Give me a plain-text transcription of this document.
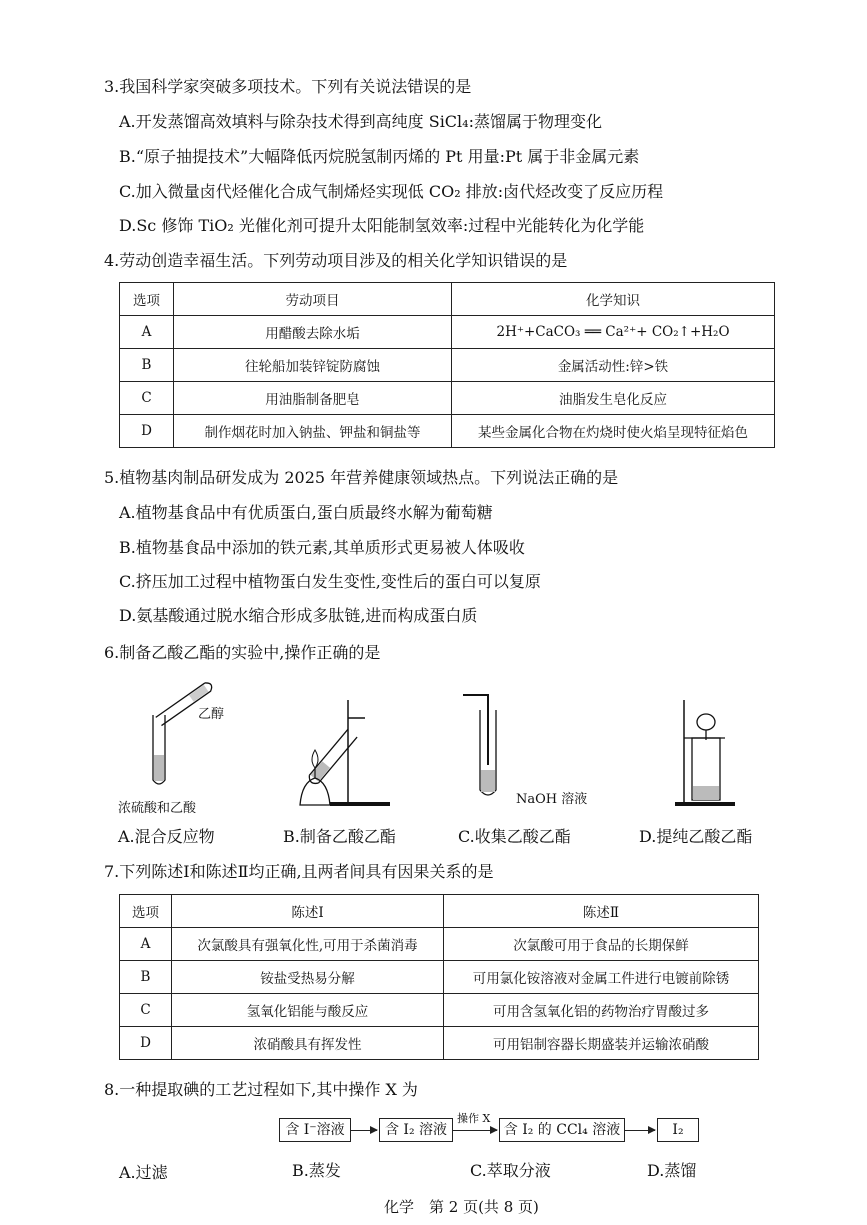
3.我国科学家突破多项技术。下列有关说法错误的是
A.开发蒸馏高效填料与除杂技术得到高纯度 SiCl₄:蒸馏属于物理变化
B.“原子抽提技术”大幅降低丙烷脱氢制丙烯的 Pt 用量:Pt 属于非金属元素
C.加入微量卤代烃催化合成气制烯烃实现低 CO₂ 排放:卤代烃改变了反应历程
D.Sc 修饰 TiO₂ 光催化剂可提升太阳能制氢效率:过程中光能转化为化学能
4.劳动创造幸福生活。下列劳动项目涉及的相关化学知识错误的是
选项	劳动项目	化学知识
A	用醋酸去除水垢	2H⁺+CaCO₃ ══ Ca²⁺+ CO₂↑+H₂O
B	往轮船加装锌锭防腐蚀	金属活动性:锌>铁
C	用油脂制备肥皂	油脂发生皂化反应
D	制作烟花时加入钠盐、钾盐和铜盐等	某些金属化合物在灼烧时使火焰呈现特征焰色
5.植物基肉制品研发成为 2025 年营养健康领域热点。下列说法正确的是
A.植物基食品中有优质蛋白,蛋白质最终水解为葡萄糖
B.植物基食品中添加的铁元素,其单质形式更易被人体吸收
C.挤压加工过程中植物蛋白发生变性,变性后的蛋白可以复原
D.氨基酸通过脱水缩合形成多肽链,进而构成蛋白质
6.制备乙酸乙酯的实验中,操作正确的是
乙醇
浓硫酸和乙酸
NaOH 溶液
A.混合反应物	B.制备乙酸乙酯	C.收集乙酸乙酯	D.提纯乙酸乙酯
7.下列陈述Ⅰ和陈述Ⅱ均正确,且两者间具有因果关系的是
选项	陈述Ⅰ	陈述Ⅱ
A	次氯酸具有强氧化性,可用于杀菌消毒	次氯酸可用于食品的长期保鲜
B	铵盐受热易分解	可用氯化铵溶液对金属工件进行电镀前除锈
C	氢氧化铝能与酸反应	可用含氢氧化铝的药物治疗胃酸过多
D	浓硝酸具有挥发性	可用铝制容器长期盛装并运输浓硝酸
8.一种提取碘的工艺过程如下,其中操作 X 为
含 I⁻溶液	含 I₂ 溶液
操作 X
含 I₂ 的 CCl₄ 溶液	I₂
A.过滤	B.蒸发	C.萃取分液	D.蒸馏
化学　第 2 页(共 8 页)
